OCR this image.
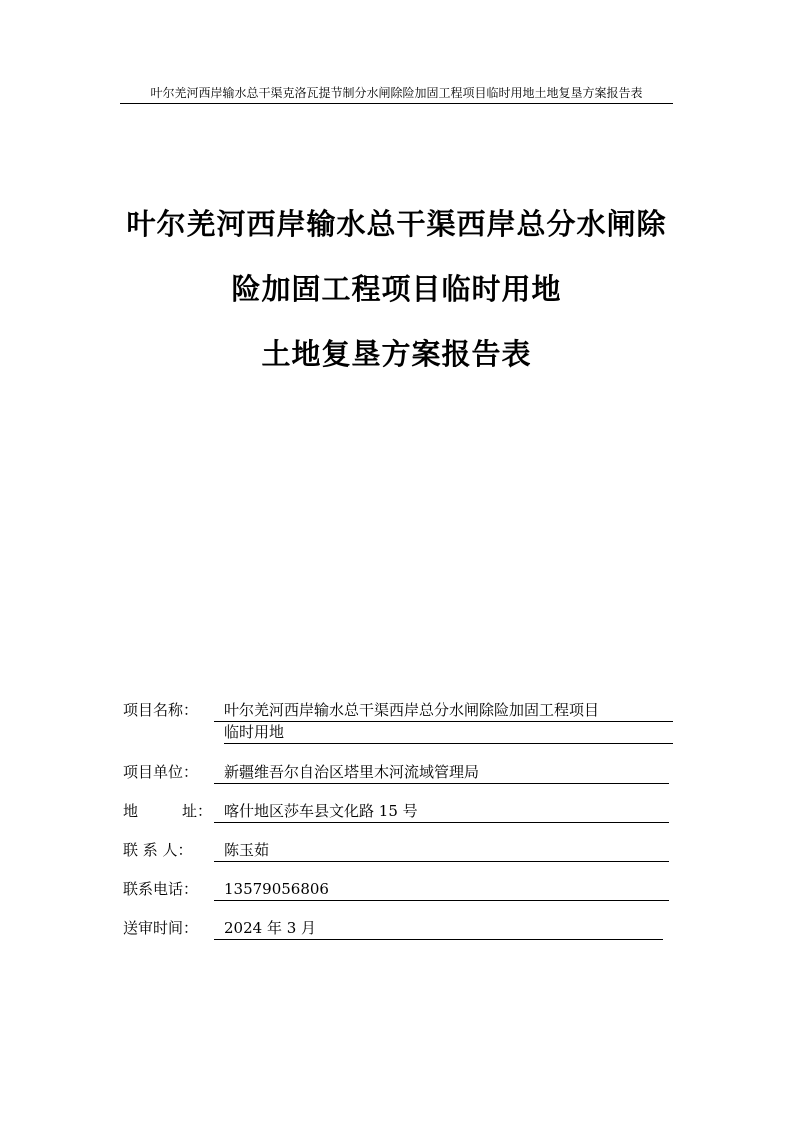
叶尔羌河西岸输水总干渠克洛瓦提节制分水闸除险加固工程项目临时用地土地复垦方案报告表
叶尔羌河西岸输水总干渠西岸总分水闸除
险加固工程项目临时用地
土地复垦方案报告表
项目名称：	叶尔羌河西岸输水总干渠西岸总分水闸除险加固工程项目
临时用地
项目单位：	新疆维吾尔自治区塔里木河流域管理局
地	址： 喀什地区莎车县文化路 15 号
联 系 人：	陈玉茹
联系电话：	13579056806
送审时间：	2024 年 3 月
